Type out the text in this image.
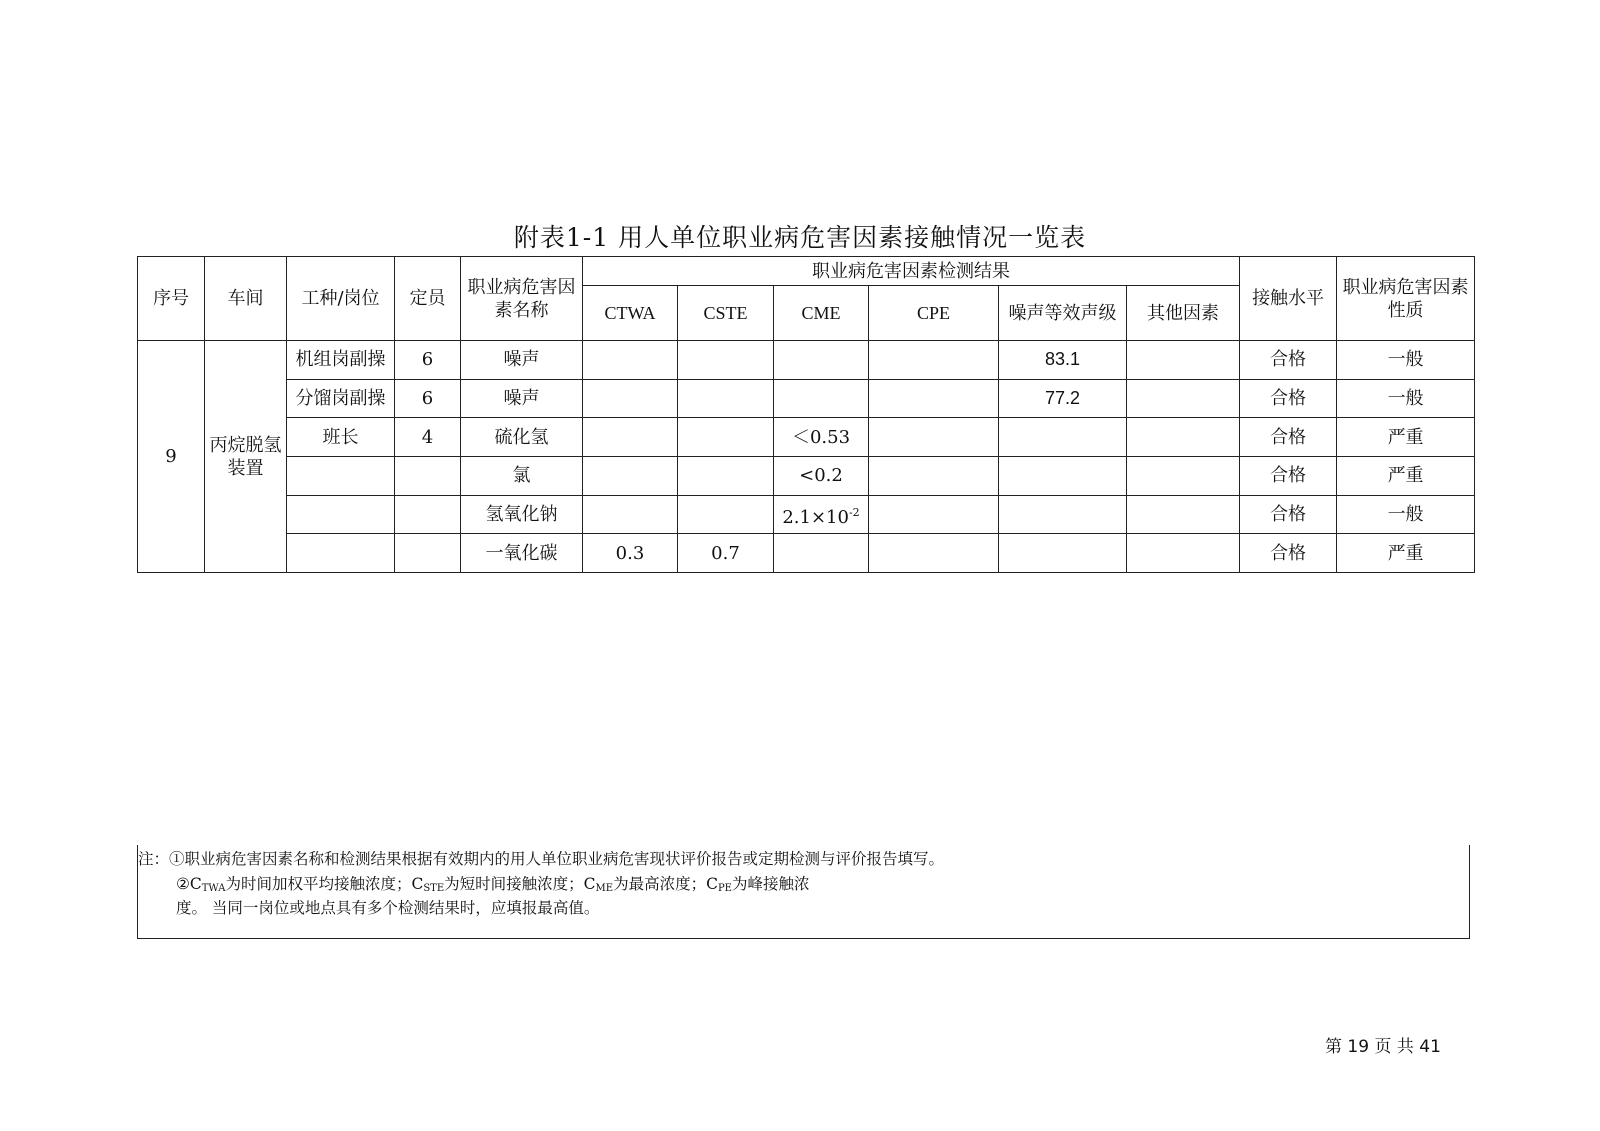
附表1-1 用人单位职业病危害因素接触情况一览表
序号	车间	工种/岗位	定员	职业病危害因素名称	职业病危害因素检测结果						接触水平	职业病危害因素性质
					CTWA	CSTE	CME	CPE	噪声等效声级	其他因素		
9	丙烷脱氢装置	机组岗副操	6	噪声					83.1		合格	一般
		分馏岗副操	6	噪声					77.2		合格	一般
		班长	4	硫化氢			＜0.53				合格	严重
				氯			<0.2				合格	严重
				氢氧化钠			$2.1\times 10^{-2}$				合格	一般
				一氧化碳	0.3	0.7					合格	严重
注：①职业病危害因素名称和检测结果根据有效期内的用人单位职业病危害现状评价报告或定期检测与评价报告填写。
$②C_{TWA}$为时间加权平均接触浓度；$C_{STE}$为短时间接触浓度；$C_{ME}$为最高浓度；$C_{PE}$为峰接触浓
度。 当同一岗位或地点具有多个检测结果时，应填报最高值。
第 19 页 共 41
